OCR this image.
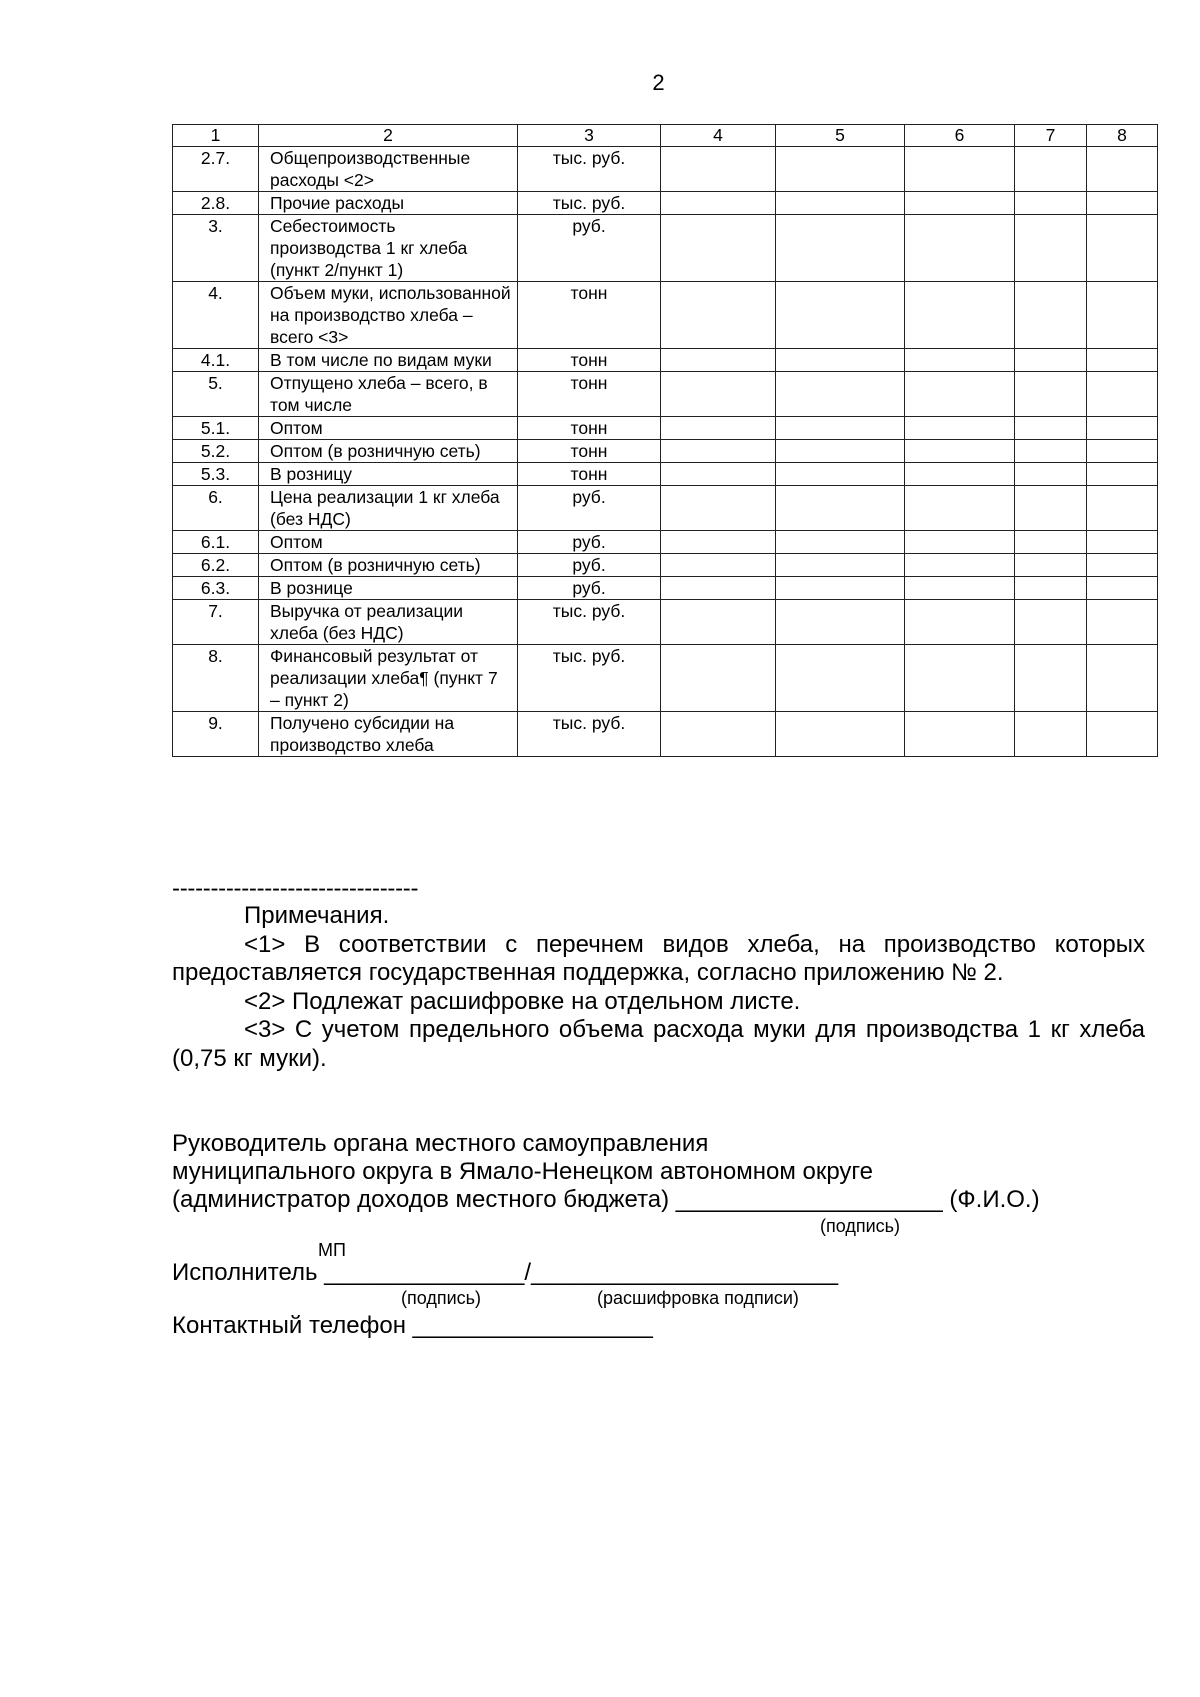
2
1	2	3	4	5	6	7	8
2.7.	Общепроизводственные расходы <2>	тыс. руб.					
2.8.	Прочие расходы	тыс. руб.					
3.	Себестоимость производства 1 кг хлеба (пункт 2/пункт 1)	руб.					
4.	Объем муки, использованной на производство хлеба – всего <3>	тонн					
4.1.	В том числе по видам муки	тонн					
5.	Отпущено хлеба – всего, в том числе	тонн					
5.1.	Оптом	тонн					
5.2.	Оптом (в розничную сеть)	тонн					
5.3.	В розницу	тонн					
6.	Цена реализации 1 кг хлеба (без НДС)	руб.					
6.1.	Оптом	руб.					
6.2.	Оптом (в розничную сеть)	руб.					
6.3.	В рознице	руб.					
7.	Выручка от реализации хлеба (без НДС)	тыс. руб.					
8.	Финансовый результат от реализации хлеба¶ (пункт 7 – пункт 2)	тыс. руб.					
9.	Получено субсидии на производство хлеба	тыс. руб.					
--------------------------------

Примечания.

<1> В соответствии с перечнем видов хлеба, на производство которых предоставляется государственная поддержка, согласно приложению № 2.

<2> Подлежат расшифровке на отдельном листе.

<3> С учетом предельного объема расхода муки для производства 1 кг хлеба (0,75 кг муки).

Руководитель органа местного самоуправления
муниципального округа в Ямало-Ненецком автономном округе
(администратор доходов местного бюджета) ____________________ (Ф.И.О.)
(подпись)
МП
Исполнитель _______________/_______________________
(подпись)	(расшифровка подписи)
Контактный телефон __________________
